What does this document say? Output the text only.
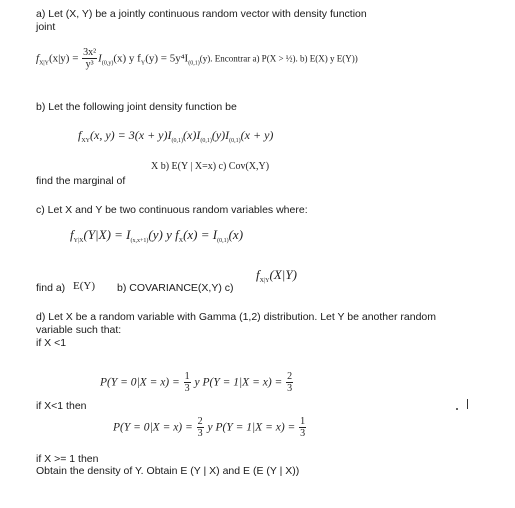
a) Let (X, Y) be a jointly continuous random vector with density function
joint
$f_{X|Y}(x|y) = \frac{\text{3x²}}{\text{y³}} I_{(0,y)}(x)$ y $f_Y(y) = 5y^4I_{(0,1)}(y)$. Encontrar a) P(X > ½). b) E(X) y E(Y))
b) Let the following joint density function be
$f_{XY}(x$, $y) = 3(x + y)I_{(0,1)}(x)I_{(0,1)}(y)I_{(0,1)}(x + y)$
X b) E(Y | X=x) c) Cov(X,Y)
find the marginal of
c) Let X and Y be two continuous random variables where:
$f_{Y|X}(Y|X) = I_{(x,x+1)}(y)$ y $f_X(x) = I_{(0,1)}(x)$
$f_{X|Y}(X|Y)$
find a) E(Y) b) COVARIANCE(X,Y) c)
d) Let X be a random variable with Gamma (1,2) distribution. Let Y be another random
variable such that:
if X <1
$P(Y = 0|X = x) = \frac{1}{3}$ y $P(Y = 1|X = x) = \frac{2}{3}$
if X<1 then
$P(Y = 0|X = x) = \frac{2}{3}$ y $P(Y = 1|X = x) = \frac{1}{3}$
if X >= 1 then
Obtain the density of Y. Obtain E (Y | X) and E (E (Y | X))
